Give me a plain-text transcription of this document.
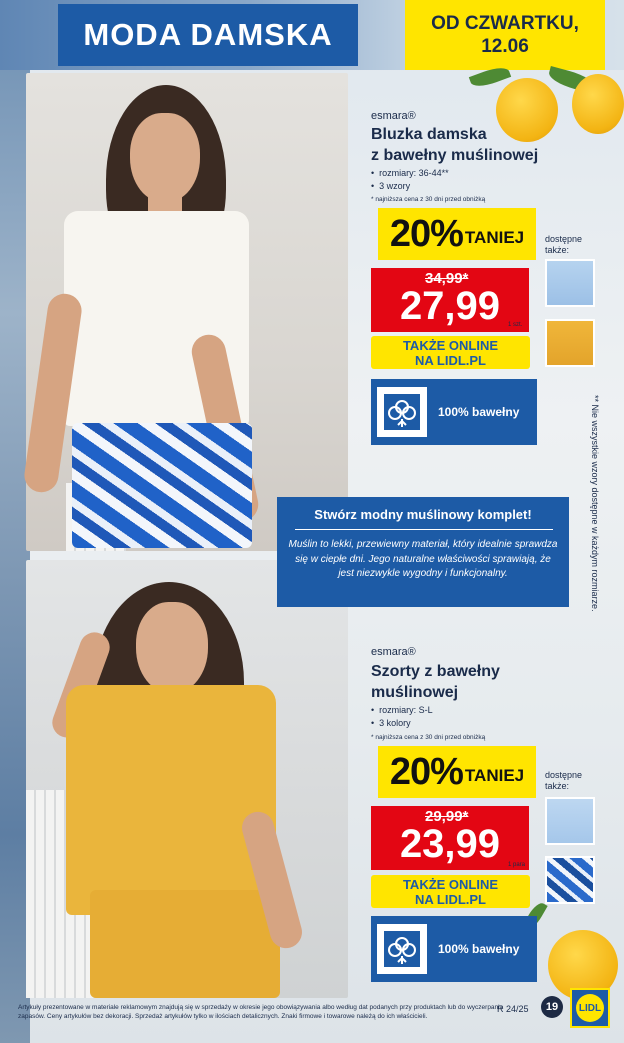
MODA DAMSKA	OD CZWARTKU,
12.06
esmara®
Bluzka damska
z bawełny muślinowej
•  rozmiary: 36-44**
•  3 wzory
* najniższa cena z 30 dni przed obniżką
20% TANIEJ
34,99*
27,99	1 szt.
TAKŻE ONLINE
NA LIDL.PL
100% bawełny
dostępne
także:
Stwórz modny muślinowy komplet!
Muślin to lekki, przewiewny materiał, który idealnie sprawdza się w ciepłe dni. Jego naturalne właściwości sprawiają, że jest niezwykle wygodny i funkcjonalny.	** Nie wszystkie wzory dostępne w każdym rozmiarze.
esmara®
Szorty z bawełny
muślinowej
•  rozmiary: S-L
•  3 kolory
* najniższa cena z 30 dni przed obniżką
20% TANIEJ
29,99*
23,99	1 para
TAKŻE ONLINE
NA LIDL.PL
100% bawełny
dostępne
także:
Artykuły prezentowane w materiale reklamowym znajdują się w sprzedaży w okresie jego obowiązywania albo według dat podanych przy produktach lub do wyczerpania zapasów. Ceny artykułów bez dekoracji. Sprzedaż artykułów tylko w ilościach detalicznych. Znaki firmowe i towarowe należą do ich właścicieli.
R 24/25	19	LIDL
